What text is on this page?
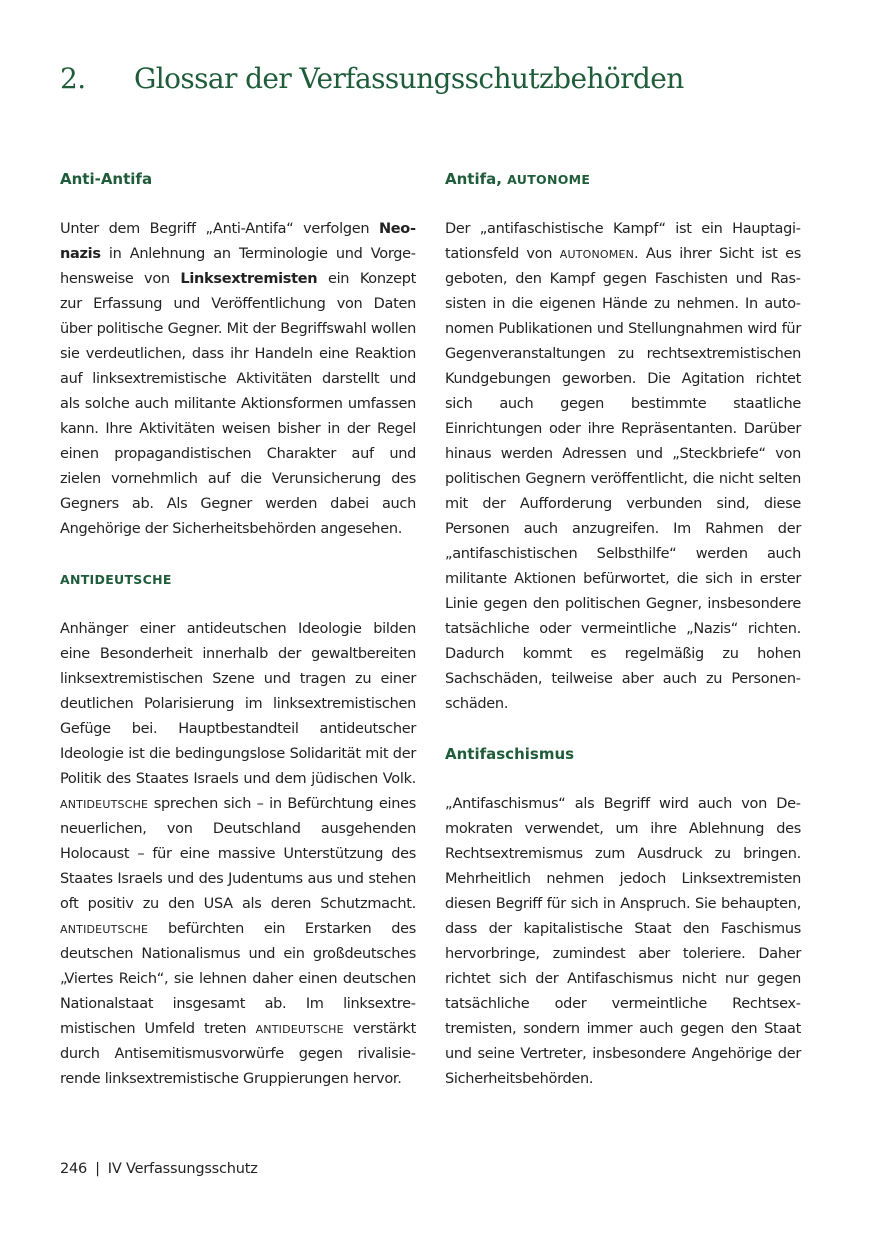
2. Glossar der Verfassungsschutzbehörden
Anti-Antifa

Unter dem Begriff „Anti-Antifa“ verfolgen Neonazis in Anlehnung an Terminologie und Vorgehensweise von Linksextremisten ein Konzept zur Erfassung und Veröffentlichung von Daten über politische Gegner. Mit der Begriffswahl wollen sie verdeutlichen, dass ihr Handeln eine Reaktion auf linksextremistische Aktivitäten darstellt und als solche auch militante Aktionsformen umfassen kann. Ihre Aktivitäten weisen bisher in der Regel einen propagandistischen Charakter auf und zielen vornehmlich auf die Verunsicherung des Gegners ab. Als Gegner werden dabei auch Angehörige der Sicherheitsbehörden angesehen.

ANTIDEUTSCHE

Anhänger einer antideutschen Ideologie bilden eine Besonderheit innerhalb der gewaltbereiten linksextremistischen Szene und tragen zu einer deutlichen Polarisierung im linksextremistischen Gefüge bei. Hauptbestandteil antideutscher Ideologie ist die bedingungslose Solidarität mit der Politik des Staates Israels und dem jüdischen Volk. ANTIDEUTSCHE sprechen sich – in Befürchtung eines neuerlichen, von Deutschland ausgehenden Holocaust – für eine massive Unterstützung des Staates Israels und des Judentums aus und stehen oft positiv zu den USA als deren Schutzmacht. ANTIDEUTSCHE befürchten ein Erstarken des deutschen Nationalismus und ein großdeutsches „Viertes Reich“, sie lehnen daher einen deutschen Nationalstaat insgesamt ab. Im linksextremistischen Umfeld treten ANTIDEUTSCHE verstärkt durch Antisemitismusvorwürfe gegen rivalisierende linksextremistische Gruppierungen hervor.

Antifa, AUTONOME

Der „antifaschistische Kampf“ ist ein Hauptagitationsfeld von AUTONOMEN. Aus ihrer Sicht ist es geboten, den Kampf gegen Faschisten und Rassisten in die eigenen Hände zu nehmen. In autonomen Publikationen und Stellungnahmen wird für Gegenveranstaltungen zu rechtsextremistischen Kundgebungen geworben. Die Agitation richtet sich auch gegen bestimmte staatliche Einrichtungen oder ihre Repräsentanten. Darüber hinaus werden Adressen und „Steckbriefe“ von politischen Gegnern veröffentlicht, die nicht selten mit der Aufforderung verbunden sind, diese Personen auch anzugreifen. Im Rahmen der „antifaschistischen Selbsthilfe“ werden auch militante Aktionen befürwortet, die sich in erster Linie gegen den politischen Gegner, insbesondere tatsächliche oder vermeintliche „Nazis“ richten. Dadurch kommt es regelmäßig zu hohen Sachschäden, teilweise aber auch zu Personenschäden.

Antifaschismus

„Antifaschismus“ als Begriff wird auch von Demokraten verwendet, um ihre Ablehnung des Rechtsextremismus zum Ausdruck zu bringen. Mehrheitlich nehmen jedoch Linksextremisten diesen Begriff für sich in Anspruch. Sie behaupten, dass der kapitalistische Staat den Faschismus hervorbringe, zumindest aber toleriere. Daher richtet sich der Antifaschismus nicht nur gegen tatsächliche oder vermeintliche Rechtsextremisten, sondern immer auch gegen den Staat und seine Vertreter, insbesondere Angehörige der Sicherheitsbehörden.

246 | IV Verfassungsschutz
